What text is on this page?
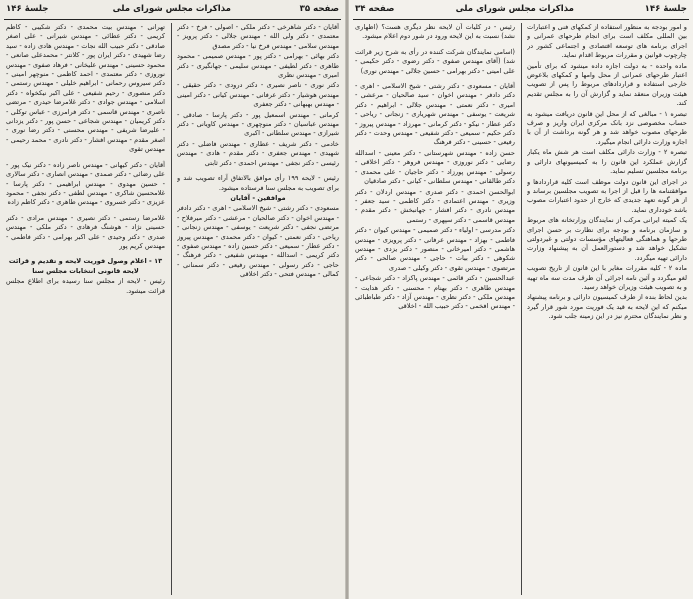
صفحه ۳۵
مذاکرات مجلس شورای ملی
جلسهٔ ۱۴۶

تهرانی - مهندس بیت محمدی - دکتر شکیبی - کاظم کریمی - دکتر عطائی - مهندس شیرانی - علی اصغر صادقی - دکتر حبیب الله نجات - مهندس هادی زاده - سید رضا شهیدی - دکتر ایران پور - کلانتر - محمدعلی صانعی - محمود حسینی - مهندس علیخانی - فرهاد صفوی - مهندس نوروزی - دکتر معتمدی - احمد کاظمی - منوچهر امینی - دکتر سیروس رحمانی - ابراهیم خلیلی - مهندس رستمی - دکتر منصوری - رحیم شفیعی - علی اکبر نیکخواه - دکتر اسلامی - مهندس جوادی - دکتر غلامرضا حیدری - مرتضی ناصری - مهندس قاسمی - دکتر فرامرزی - عباس توکلی - دکتر کریمیان - مهندس شجاعی - حسن پور - دکتر یزدانی - علیرضا شریفی - مهندس محسنی - دکتر رضا نوری - اصغر مقدم - مهندس افشار - دکتر نادری - محمد رحیمی - مهندس تقوی

آقایان - دکتر کیهانی - مهندس ناصر زاده - دکتر نیک پور - علی رضائی - دکتر صمدی - مهندس انصاری - دکتر سالاری - حسین مهدوی - مهندس ابراهیمی - دکتر پارسا - غلامحسین شاکری - مهندس لطفی - دکتر نجفی - محمود عزیزی - دکتر خسروی - مهندس طاهری - دکتر کاظم زاده

غلامرضا رستمی - دکتر نصیری - مهندس مرادی - دکتر حسینی نژاد - هوشنگ فرهادی - دکتر ملکی - مهندس صدری - دکتر وحیدی - علی اکبر بهرامی - دکتر فاطمی - مهندس کریم پور

۱۳ - اعلام وصول فوریت لایحه و تقدیم و قرائت لایحه قانونی انتخابات مجلس سنا

رئیس - لایحه از مجلس سنا رسیده برای اطلاع مجلس قرائت میشود.

آقایان - دکتر شاهرخی - دکتر ملکی - اصولی - فرخ - دکتر معتمدی - دکتر ولی الله - مهندس جلالی - دکتر پرویز - مهندس سلامی - مهندس فرخ نیا - دکتر مصدق

دکتر بهائی - بهرامی - دکتر پور - مهندس صمیمی - محمود طاهری - دکتر لطیفی - مهندس سلیمی - جهانگیری - دکتر امیری - مهندس نظری

دکتر نوری - ناصر نصیری - دکتر درودی - دکتر حقیقی - مهندس هوشیار - دکتر عرفانی - مهندس کیانی - دکتر امینی - مهندس بهبهانی - دکتر جعفری

کرمانی - مهندس اسمعیل پور - دکتر پارسا - صادقی - مهندس عباسیان - دکتر منوچهری - مهندس کاویانی - دکتر شیرازی - مهندس سلطانی - اکبری

خادمی - دکتر شریف - عطاری - مهندس فاضلی - دکتر شهیدی - مهندس جعفری - دکتر مقدم - هادی - مهندس رئیسی - دکتر نجفی - مهندس احمدی - دکتر ثابتی

رئیس - لایحه ۱۹۹ رأی موافق بالاتفاق آراء تصویب شد و برای تصویب به مجلس سنا فرستاده میشود.

موافقین - آقایان

مسعودی - دکتر رشتی - شیخ الاسلامی - اهری - دکتر دادفر - مهندس اخوان - دکتر صالحیان - مرعشی - دکتر میرفلاح - مرتضی نجفی - دکتر شریعت - یوسفی - مهندس زنجانی - ریاحی - دکتر نعمتی - کیوان - دکتر محمدی - مهندس پیروز - دکتر عطار - سمیعی - دکتر حسین زاده - مهندس صفوی - دکتر کریمی - اسدالله - مهندس شفیعی - دکتر فرهنگ - حاجی - دکتر رسولی - مهندس رفیعی - دکتر سمنانی - کمالی - مهندس فتحی - دکتر اخلاقی

جلسهٔ ۱۴۶
مذاکرات مجلس شورای ملی
صفحه ۳۴

رئیس - در کلیات آن لایحه نظر دیگری هست؟ (اظهاری نشد) نسبت به این لایحه ورود در شور دوم اعلام میشود.

(اسامی نمایندگان شرکت کننده در رأی به شرح زیر قرائت شد) (آقای مهندس صفوی - دکتر رضوی - دکتر حکیمی - علی امینی - دکتر بهرامی - حسین جلالی - مهندس نوری)

آقایان - مسعودی - دکتر رشتی - شیخ الاسلامی - اهری - دکتر دادفر - مهندس اخوان - سید صالحیان - مرعشی - امیری - دکتر نعمتی - مهندس جلالی - ابراهیم - دکتر شریعت - یوسفی - مهندس شهریاری - زنجانی - ریاحی - دکتر عطار - نیکو - دکتر کرمانی - مهرزاد - مهندس پیروز - دکتر حکیم - سمیعی - دکتر شفیعی - مهندس وحدت - دکتر رفیعی - حسینی - دکتر فرهنگ

حسن زاده - مهندس شهرستانی - دکتر معینی - اسدالله رضایی - دکتر نوروزی - مهندس فروهر - دکتر اخلاقی - رسولی - مهندس پورزاد - دکتر حاجیان - علی محمدی - دکتر طالقانی - مهندس سلطانی - کیانی - دکتر صادقیان

ابوالحسن احمدی - دکتر صدری - مهندس اردلان - دکتر وزیری - مهندس اعتمادی - دکتر کاظمی - سید جعفر - مهندس نادری - دکتر افشار - جهانبخش - دکتر مقدم - مهندس قاسمی - دکتر سپهری - رستمی

دکتر مدرسی - اولیاء - دکتر صمیمی - مهندس کیوان - دکتر فاطمی - بهزاد - مهندس عرفانی - دکتر پرویزی - مهندس هاشمی - دکتر امیرخانی - منصور - دکتر یزدی - مهندس شکوهی - دکتر بیات - حاجی - مهندس صالحی - دکتر مرتضوی - مهندس تقوی - دکتر وکیلی - صدری

عبدالحسین - دکتر قائمی - مهندس پاکزاد - دکتر شجاعی - مهندس طاهری - دکتر بهنام - محسنی - دکتر هدایت - مهندس ملکی - دکتر نظری - مهندس آزاد - دکتر طباطبائی - مهندس افخمی - دکتر حبیب الله - اخلاقی

و امور بودجه به منظور استفاده از کمکهای فنی و اعتبارات بین المللی مکلف است برای انجام طرحهای عمرانی و اجرای برنامه های توسعه اقتصادی و اجتماعی کشور در چارچوب قوانین و مقررات مربوط اقدام نماید.

ماده واحده - به دولت اجازه داده میشود که برای تأمین اعتبار طرحهای عمرانی از محل وامها و کمکهای بلاعوض خارجی استفاده و قراردادهای مربوط را پس از تصویب هیئت وزیران منعقد نماید و گزارش آن را به مجلس تقدیم کند.

تبصره ۱ - مبالغی که از محل این قانون دریافت میشود به حساب مخصوصی نزد بانک مرکزی ایران واریز و صرف طرحهای مصوب خواهد شد و هر گونه برداشت از آن با اجازه وزارت دارائی انجام میگیرد.

تبصره ۲ - وزارت دارائی مکلف است هر شش ماه یکبار گزارش عملکرد این قانون را به کمیسیونهای دارائی و برنامه مجلسین تسلیم نماید.

در اجرای این قانون دولت موظف است کلیه قراردادها و موافقتنامه ها را قبل از اجرا به تصویب مجلسین برساند و از هر گونه تعهد جدیدی که خارج از حدود اعتبارات مصوب باشد خودداری نماید.

یک کمیته ایرانی مرکب از نمایندگان وزارتخانه های مربوط و سازمان برنامه و بودجه برای نظارت بر حسن اجرای طرحها و هماهنگی فعالیتهای مؤسسات دولتی و غیردولتی تشکیل خواهد شد و دستورالعمل آن به پیشنهاد وزارت دارائی تهیه میگردد.

ماده ۲ - کلیه مقررات مغایر با این قانون از تاریخ تصویب لغو میگردد و آئین نامه اجرائی آن ظرف مدت سه ماه تهیه و به تصویب هیئت وزیران خواهد رسید.

بدین لحاظ بنده از طرف کمیسیون دارائی و برنامه پیشنهاد میکنم که این لایحه به قید یک فوریت مورد شور قرار گیرد و نظر نمایندگان محترم نیز در این زمینه جلب شود.
